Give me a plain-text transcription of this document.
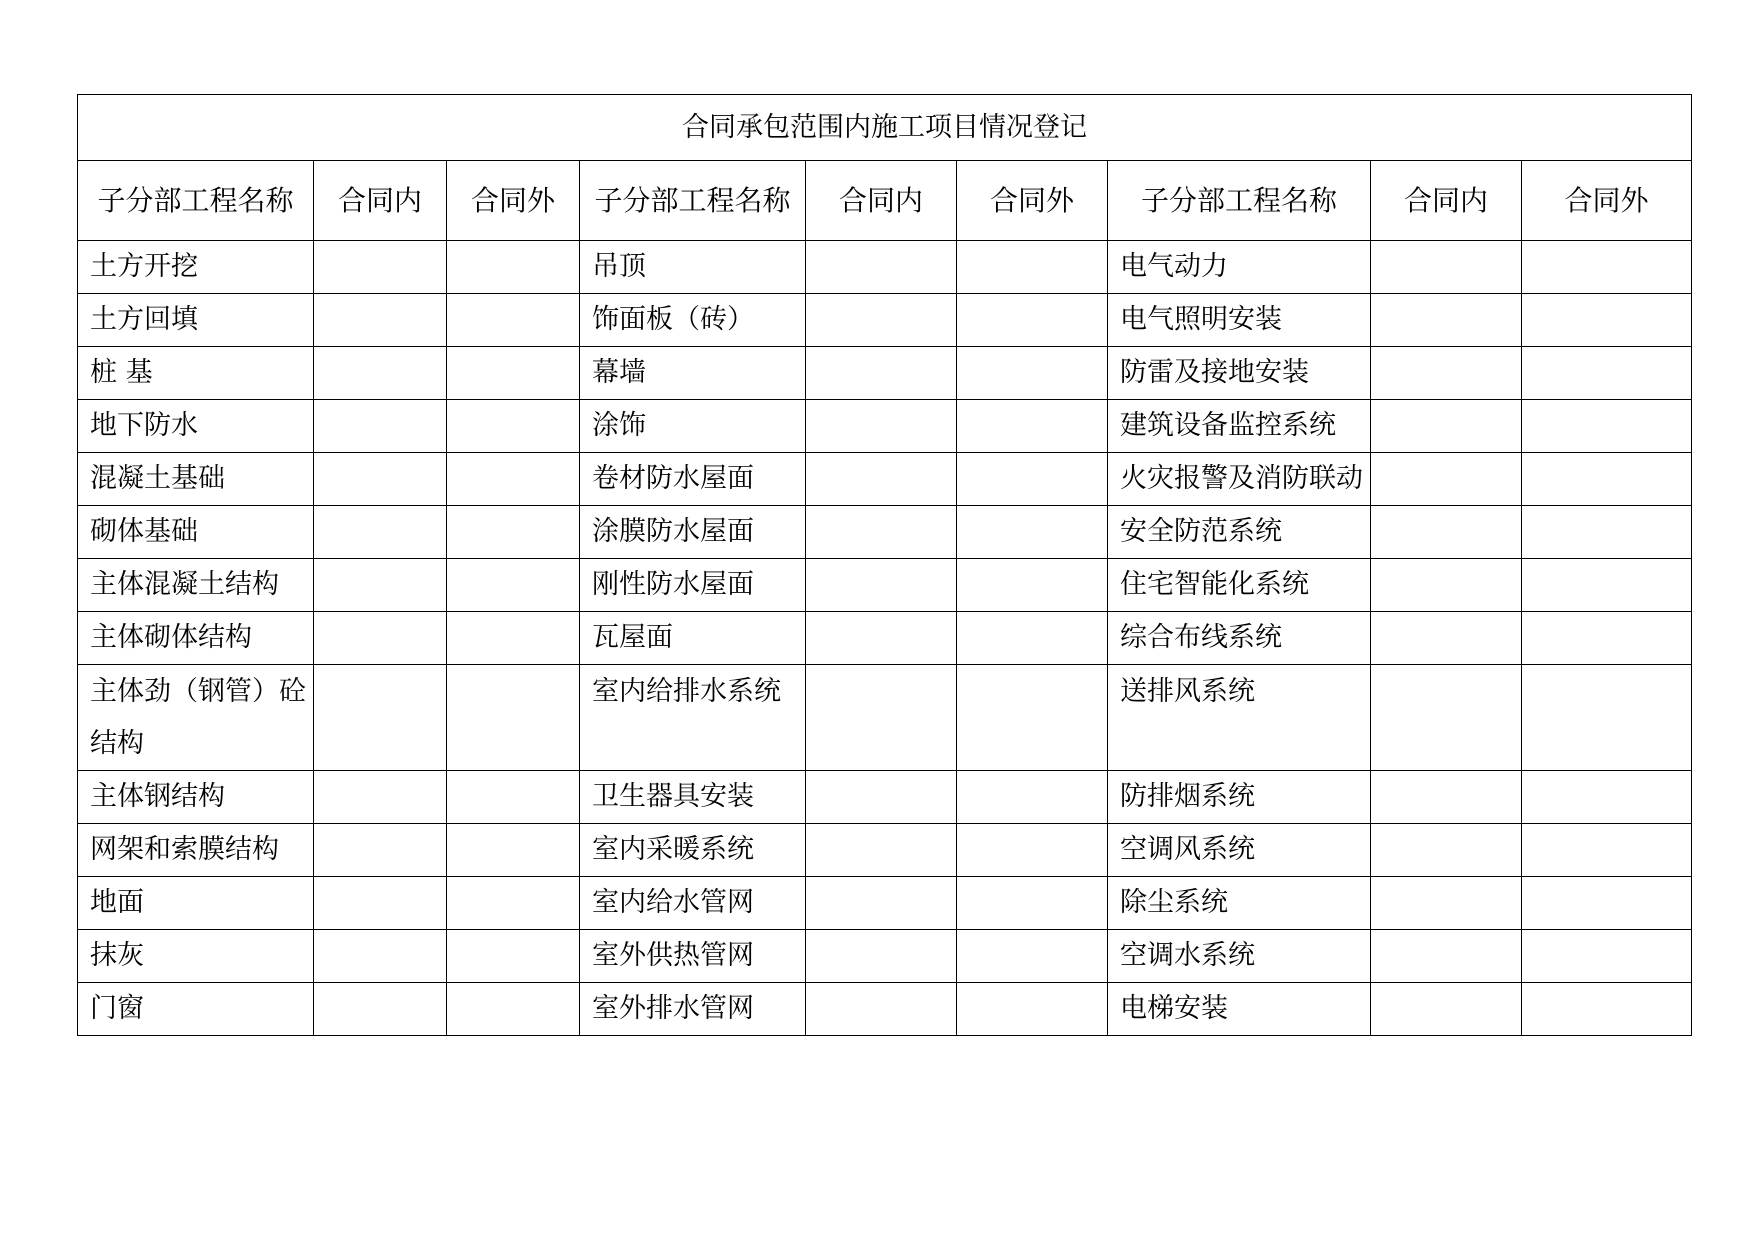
合同承包范围内施工项目情况登记								
子分部工程名称	合同内	合同外	子分部工程名称	合同内	合同外	子分部工程名称	合同内	合同外
土方开挖			吊顶			电气动力		
土方回填			饰面板（砖）			电气照明安装		
桩 基			幕墙			防雷及接地安装		
地下防水			涂饰			建筑设备监控系统		
混凝土基础			卷材防水屋面			火灾报警及消防联动		
砌体基础			涂膜防水屋面			安全防范系统		
主体混凝土结构			刚性防水屋面			住宅智能化系统		
主体砌体结构			瓦屋面			综合布线系统		
主体劲（钢管）砼结构			室内给排水系统			送排风系统		
主体钢结构			卫生器具安装			防排烟系统		
网架和索膜结构			室内采暖系统			空调风系统		
地面			室内给水管网			除尘系统		
抹灰			室外供热管网			空调水系统		
门窗			室外排水管网			电梯安装		
